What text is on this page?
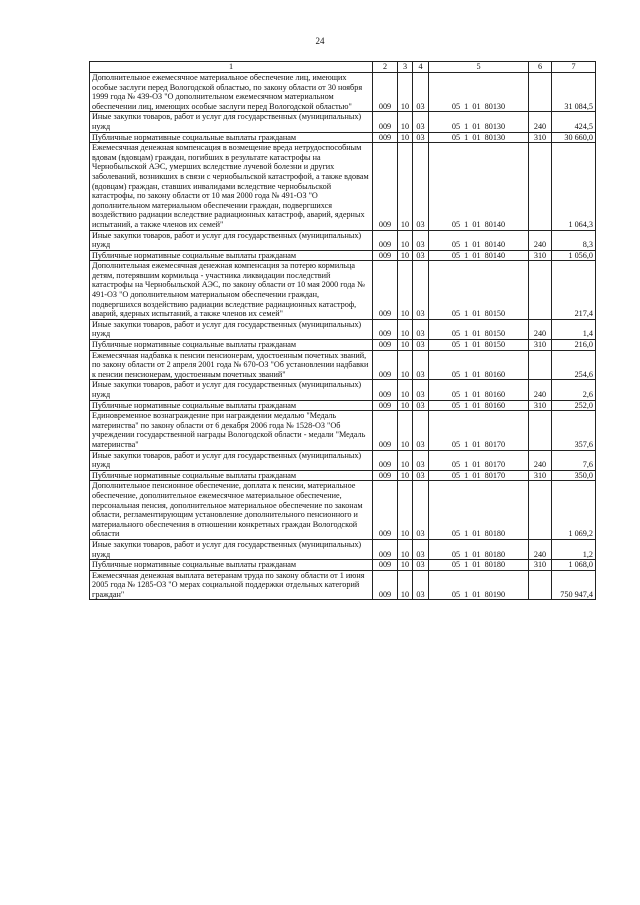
24
1	2	3	4	5	6	7
Дополнительное ежемесячное материальное обеспечение лиц, имеющих особые заслуги перед Вологодской областью, по закону области от 30 ноября 1999 года № 439-ОЗ "О дополнительном ежемесячном материальном обеспечении лиц, имеющих особые заслуги перед Вологодской областью"	009	10	03	05  1  01  80130		31 084,5
Иные закупки товаров, работ и услуг для государственных (муниципальных) нужд	009	10	03	05  1  01  80130	240	424,5
Публичные нормативные социальные выплаты гражданам	009	10	03	05  1  01  80130	310	30 660,0
Ежемесячная денежная компенсация в возмещение вреда нетрудоспособным вдовам (вдовцам) граждан, погибших в результате катастрофы на Чернобыльской АЭС, умерших вследствие лучевой болезни и других заболеваний, возникших в связи с чернобыльской катастрофой, а также вдовам (вдовцам) граждан, ставших инвалидами вследствие чернобыльской катастрофы, по закону области от 10 мая 2000 года № 491-ОЗ "О дополнительном материальном обеспечении граждан, подвергшихся воздействию радиации вследствие радиационных катастроф, аварий, ядерных испытаний, а также членов их семей"	009	10	03	05  1  01  80140		1 064,3
Иные закупки товаров, работ и услуг для государственных (муниципальных) нужд	009	10	03	05  1  01  80140	240	8,3
Публичные нормативные социальные выплаты гражданам	009	10	03	05  1  01  80140	310	1 056,0
Дополнительная ежемесячная денежная компенсация за потерю кормильца детям, потерявшим кормильца - участника ликвидации последствий катастрофы на Чернобыльской АЭС, по закону области от 10 мая 2000 года № 491-ОЗ "О дополнительном материальном обеспечении граждан, подвергшихся воздействию радиации вследствие радиационных катастроф, аварий, ядерных испытаний, а также членов их семей"	009	10	03	05  1  01  80150		217,4
Иные закупки товаров, работ и услуг для государственных (муниципальных) нужд	009	10	03	05  1  01  80150	240	1,4
Публичные нормативные социальные выплаты гражданам	009	10	03	05  1  01  80150	310	216,0
Ежемесячная надбавка к пенсии пенсионерам, удостоенным почетных званий, по закону области от 2 апреля 2001 года № 670-ОЗ "Об установлении надбавки к пенсии пенсионерам, удостоенным почетных званий"	009	10	03	05  1  01  80160		254,6
Иные закупки товаров, работ и услуг для государственных (муниципальных) нужд	009	10	03	05  1  01  80160	240	2,6
Публичные нормативные социальные выплаты гражданам	009	10	03	05  1  01  80160	310	252,0
Единовременное вознаграждение при награждении медалью "Медаль материнства" по закону области от 6 декабря 2006 года № 1528-ОЗ "Об учреждении государственной награды Вологодской области - медали "Медаль материнства"	009	10	03	05  1  01  80170		357,6
Иные закупки товаров, работ и услуг для государственных (муниципальных) нужд	009	10	03	05  1  01  80170	240	7,6
Публичные нормативные социальные выплаты гражданам	009	10	03	05  1  01  80170	310	350,0
Дополнительное пенсионное обеспечение, доплата к пенсии, материальное обеспечение, дополнительное ежемесячное материальное обеспечение, персональная пенсия, дополнительное материальное обеспечение по законам области, регламентирующим установление дополнительного пенсионного и материального обеспечения в отношении конкретных граждан Вологодской области	009	10	03	05  1  01  80180		1 069,2
Иные закупки товаров, работ и услуг для государственных (муниципальных) нужд	009	10	03	05  1  01  80180	240	1,2
Публичные нормативные социальные выплаты гражданам	009	10	03	05  1  01  80180	310	1 068,0
Ежемесячная денежная выплата ветеранам труда по закону области от 1 июня 2005 года № 1285-ОЗ "О мерах социальной поддержки отдельных категорий граждан"	009	10	03	05  1  01  80190		750 947,4
